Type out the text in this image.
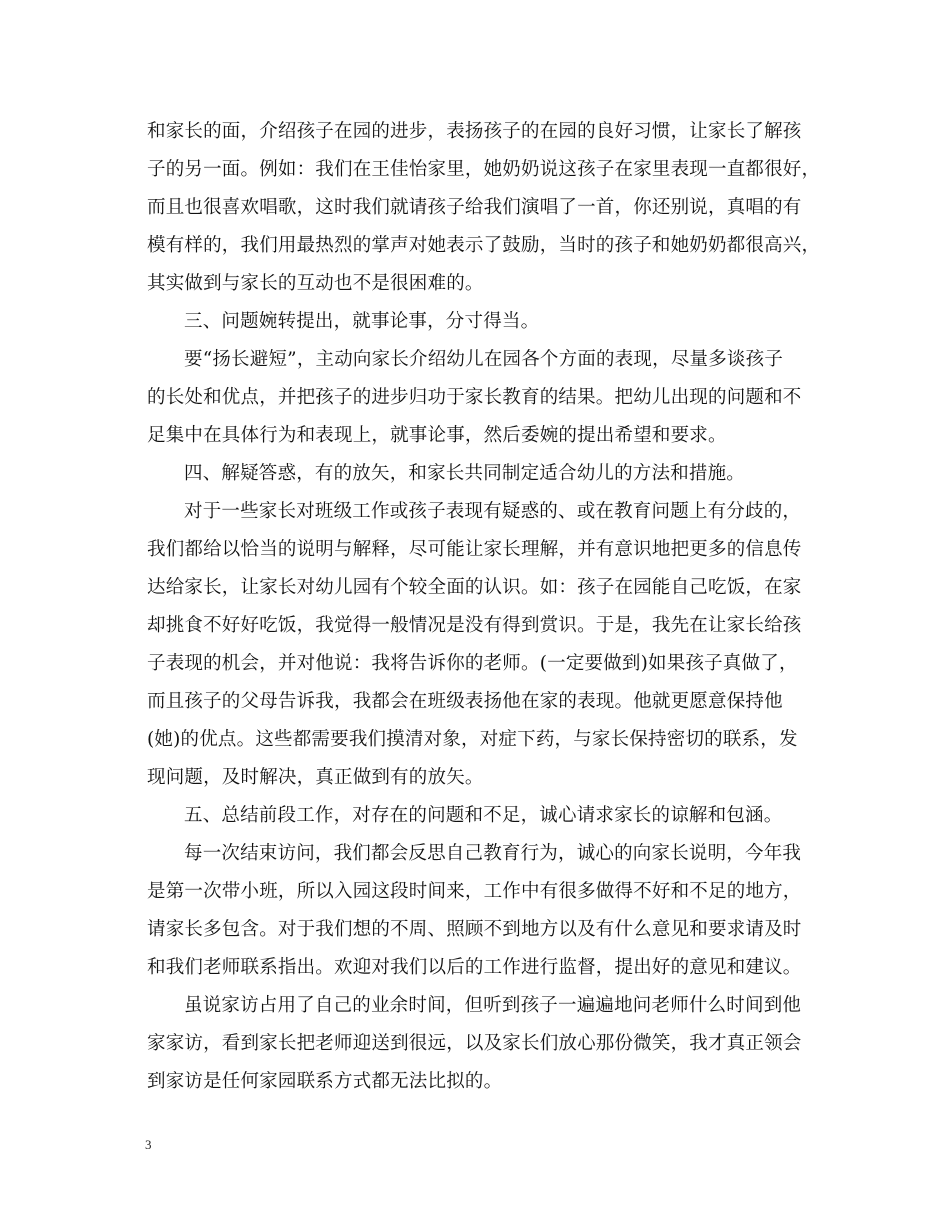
和家长的面，介绍孩子在园的进步，表扬孩子的在园的良好习惯，让家长了解孩
子的另一面。例如：我们在王佳怡家里，她奶奶说这孩子在家里表现一直都很好，
而且也很喜欢唱歌，这时我们就请孩子给我们演唱了一首，你还别说，真唱的有
模有样的，我们用最热烈的掌声对她表示了鼓励，当时的孩子和她奶奶都很高兴，
其实做到与家长的互动也不是很困难的。
三、问题婉转提出，就事论事，分寸得当。
要“扬长避短”，主动向家长介绍幼儿在园各个方面的表现，尽量多谈孩子
的长处和优点，并把孩子的进步归功于家长教育的结果。把幼儿出现的问题和不
足集中在具体行为和表现上，就事论事，然后委婉的提出希望和要求。
四、解疑答惑，有的放矢，和家长共同制定适合幼儿的方法和措施。
对于一些家长对班级工作或孩子表现有疑惑的、或在教育问题上有分歧的，
我们都给以恰当的说明与解释，尽可能让家长理解，并有意识地把更多的信息传
达给家长，让家长对幼儿园有个较全面的认识。如：孩子在园能自己吃饭，在家
却挑食不好好吃饭，我觉得一般情况是没有得到赏识。于是，我先在让家长给孩
子表现的机会，并对他说：我将告诉你的老师。(一定要做到)如果孩子真做了，
而且孩子的父母告诉我，我都会在班级表扬他在家的表现。他就更愿意保持他
(她)的优点。这些都需要我们摸清对象，对症下药，与家长保持密切的联系，发
现问题，及时解决，真正做到有的放矢。
五、总结前段工作，对存在的问题和不足，诚心请求家长的谅解和包涵。
每一次结束访问，我们都会反思自己教育行为，诚心的向家长说明，今年我
是第一次带小班，所以入园这段时间来，工作中有很多做得不好和不足的地方，
请家长多包含。对于我们想的不周、照顾不到地方以及有什么意见和要求请及时
和我们老师联系指出。欢迎对我们以后的工作进行监督，提出好的意见和建议。
虽说家访占用了自己的业余时间，但听到孩子一遍遍地问老师什么时间到他
家家访，看到家长把老师迎送到很远，以及家长们放心那份微笑，我才真正领会
到家访是任何家园联系方式都无法比拟的。
3
